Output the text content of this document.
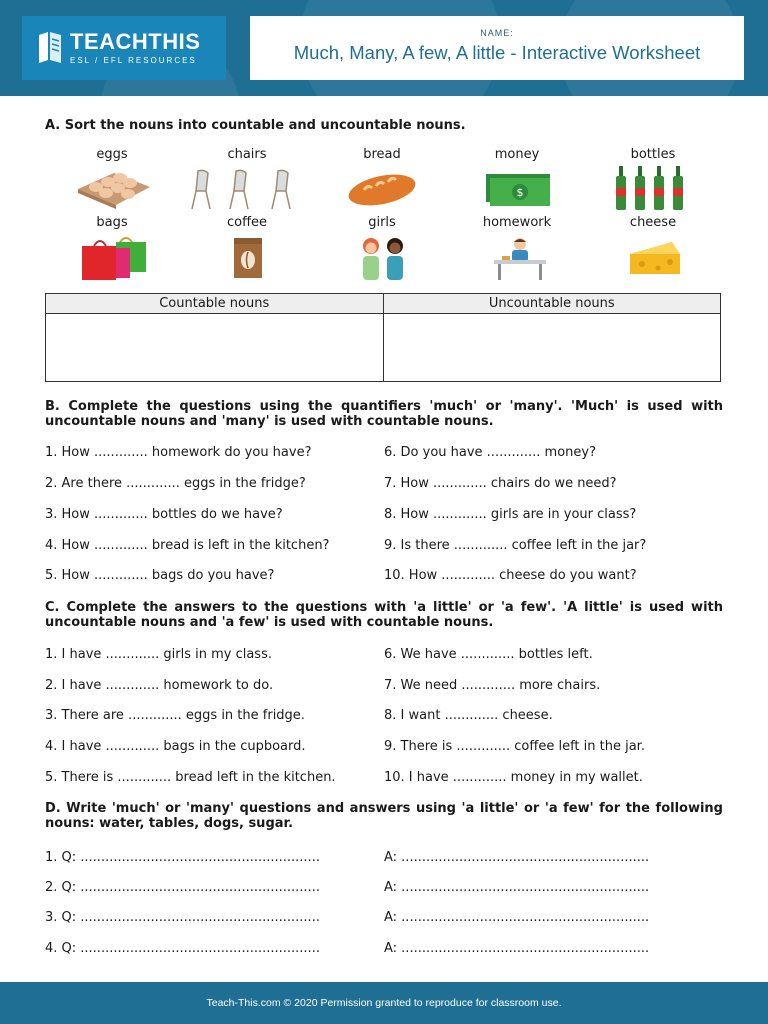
TEACHTHIS
ESL / EFL RESOURCES
NAME:
Much, Many, A few, A little - Interactive Worksheet
A. Sort the nouns into countable and uncountable nouns.
eggs	chairs	bread	money	bottles
$
bags	coffee	girls	homework	cheese
Countable nouns	Uncountable nouns

B. Complete the questions using the quantifiers 'much' or 'many'. 'Much' is used with uncountable nouns and 'many' is used with countable nouns.
1. How ............. homework do you have?
2. Are there ............. eggs in the fridge?
3. How ............. bottles do we have?
4. How ............. bread is left in the kitchen?
5. How ............. bags do you have?
6. Do you have ............. money?
7. How ............. chairs do we need?
8. How ............. girls are in your class?
9. Is there ............. coffee left in the jar?
10. How ............. cheese do you want?
C. Complete the answers to the questions with 'a little' or 'a few'. 'A little' is used with uncountable nouns and 'a few' is used with countable nouns.
1. I have ............. girls in my class.
2. I have ............. homework to do.
3. There are ............. eggs in the fridge.
4. I have ............. bags in the cupboard.
5. There is ............. bread left in the kitchen.
6. We have ............. bottles left.
7. We need ............. more chairs.
8. I want ............. cheese.
9. There is ............. coffee left in the jar.
10. I have ............. money in my wallet.
D. Write 'much' or 'many' questions and answers using 'a little' or 'a few' for the following nouns: water, tables, dogs, sugar.
1. Q: ..........................................................	A: ............................................................
2. Q: ..........................................................	A: ............................................................
3. Q: ..........................................................	A: ............................................................
4. Q: ..........................................................	A: ............................................................
Teach-This.com © 2020 Permission granted to reproduce for classroom use.
